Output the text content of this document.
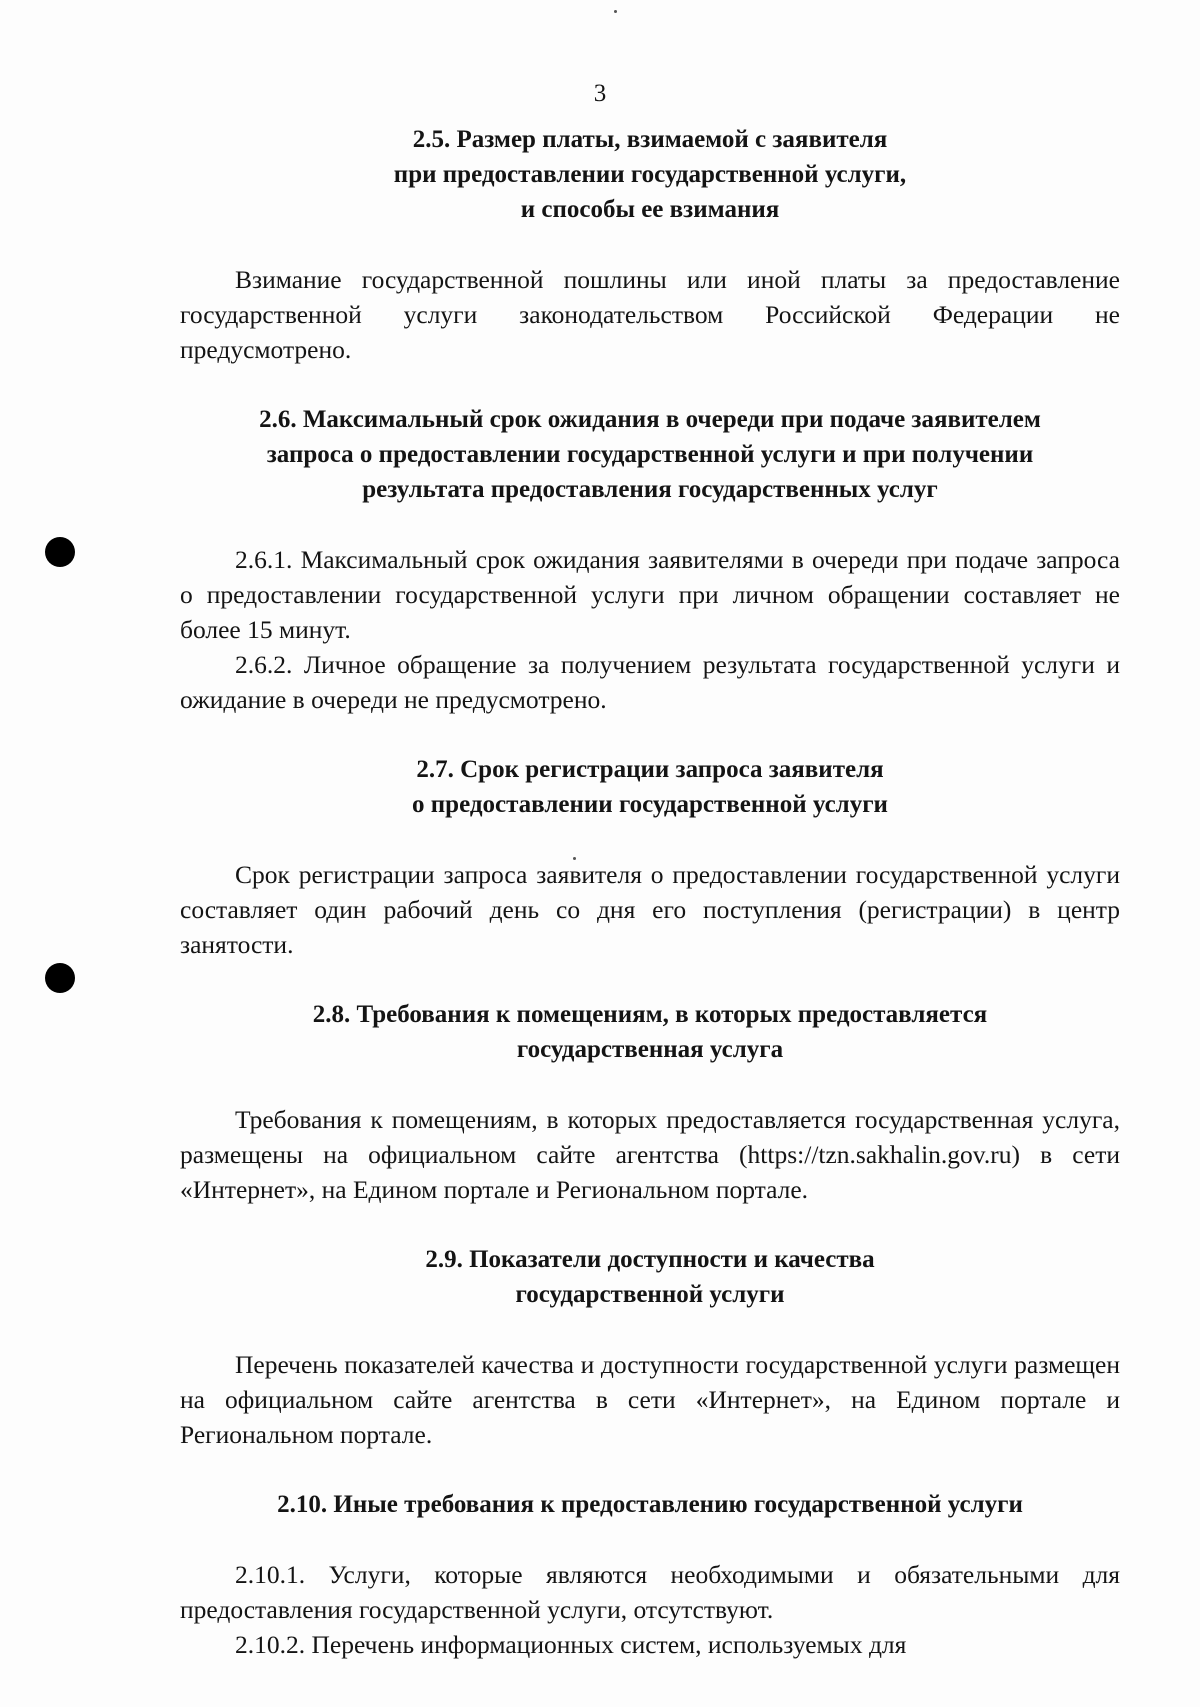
3

2.5. Размер платы, взимаемой с заявителя
при предоставлении государственной услуги,
и способы ее взимания

Взимание государственной пошлины или иной платы за предоставление государственной услуги законодательством Российской Федерации не предусмотрено.

2.6. Максимальный срок ожидания в очереди при подаче заявителем
запроса о предоставлении государственной услуги и при получении
результата предоставления государственных услуг

2.6.1. Максимальный срок ожидания заявителями в очереди при подаче запроса о предоставлении государственной услуги при личном обращении составляет не более 15 минут.

2.6.2. Личное обращение за получением результата государственной услуги и ожидание в очереди не предусмотрено.

2.7. Срок регистрации запроса заявителя
о предоставлении государственной услуги

Срок регистрации запроса заявителя о предоставлении государственной услуги составляет один рабочий день со дня его поступления (регистрации) в центр занятости.

2.8. Требования к помещениям, в которых предоставляется
государственная услуга

Требования к помещениям, в которых предоставляется государственная услуга, размещены на официальном сайте агентства (https://tzn.sakhalin.gov.ru) в сети «Интернет», на Едином портале и Региональном портале.

2.9. Показатели доступности и качества
государственной услуги

Перечень показателей качества и доступности государственной услуги размещен на официальном сайте агентства в сети «Интернет», на Едином портале и Региональном портале.

2.10. Иные требования к предоставлению государственной услуги

2.10.1. Услуги, которые являются необходимыми и обязательными для предоставления государственной услуги, отсутствуют.

2.10.2. Перечень информационных систем, используемых для
